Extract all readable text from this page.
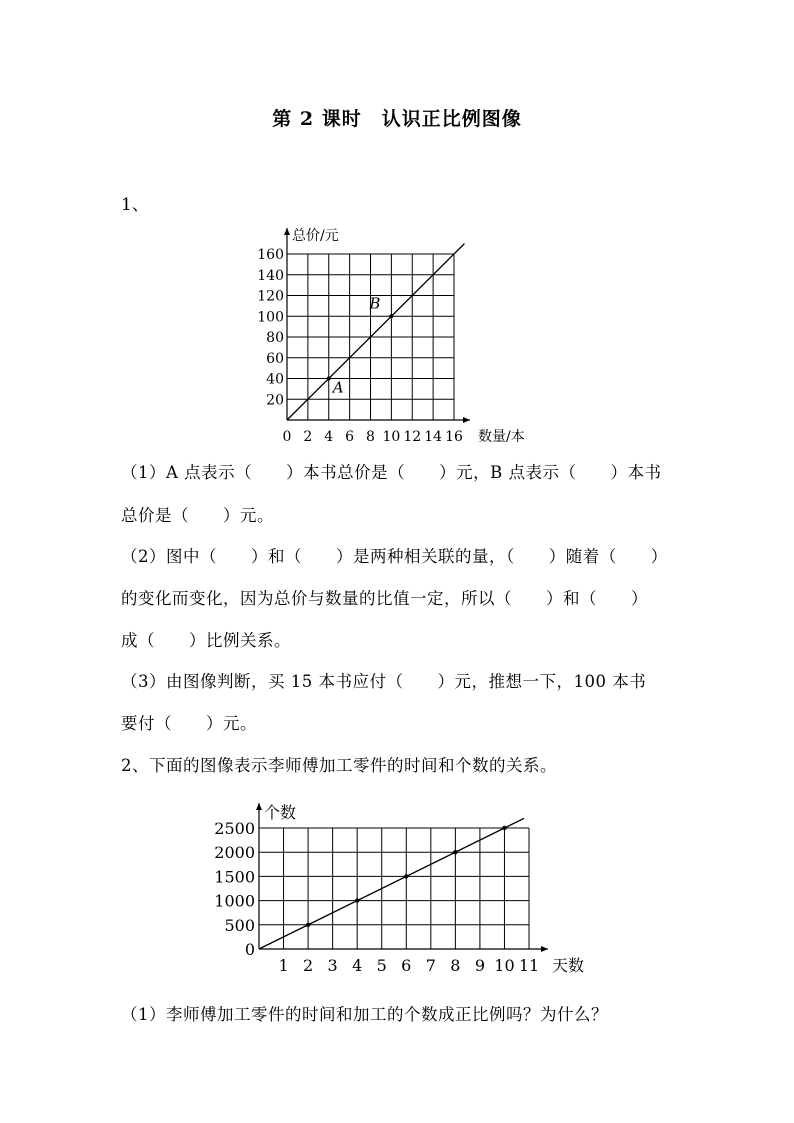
第 2 课时　认识正比例图像
1、
0 2 4 6 8 10 12 14 16
20
40
60
80
100
120
140
160
总价/元
数量/本
A
B
1 2 3 4 5 6 7 8 9 10 11
0
500
1000
1500
2000
2500
个数
天数
（1）A 点表示（　　）本书总价是（　　）元，B 点表示（　　）本书
总价是（　　）元。
（2）图中（　　）和（　　）是两种相关联的量，（　　）随着（　　）
的变化而变化，因为总价与数量的比值一定，所以（　　）和（　　）
成（　　）比例关系。
（3）由图像判断，买 15 本书应付（　　）元，推想一下，100 本书
要付（　　）元。
2、下面的图像表示李师傅加工零件的时间和个数的关系。
（1）李师傅加工零件的时间和加工的个数成正比例吗？为什么？
